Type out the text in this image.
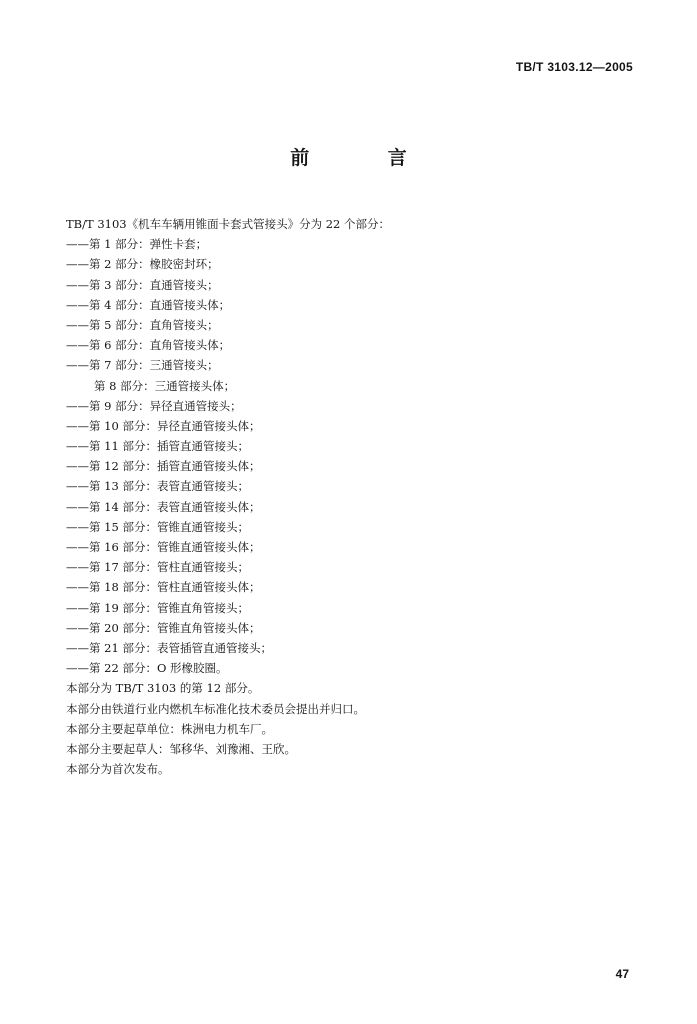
TB/T 3103.12—2005
前 言
TB/T 3103《机车车辆用锥面卡套式管接头》分为 22 个部分：
——第 1 部分：弹性卡套；
——第 2 部分：橡胶密封环；
——第 3 部分：直通管接头；
——第 4 部分：直通管接头体；
——第 5 部分：直角管接头；
——第 6 部分：直角管接头体；
——第 7 部分：三通管接头；
第 8 部分：三通管接头体；
——第 9 部分：异径直通管接头；
——第 10 部分：异径直通管接头体；
——第 11 部分：插管直通管接头；
——第 12 部分：插管直通管接头体；
——第 13 部分：表管直通管接头；
——第 14 部分：表管直通管接头体；
——第 15 部分：管锥直通管接头；
——第 16 部分：管锥直通管接头体；
——第 17 部分：管柱直通管接头；
——第 18 部分：管柱直通管接头体；
——第 19 部分：管锥直角管接头；
——第 20 部分：管锥直角管接头体；
——第 21 部分：表管插管直通管接头；
——第 22 部分：O 形橡胶圈。
本部分为 TB/T 3103 的第 12 部分。
本部分由铁道行业内燃机车标准化技术委员会提出并归口。
本部分主要起草单位：株洲电力机车厂。
本部分主要起草人：邹移华、刘豫湘、王欣。
本部分为首次发布。
47
